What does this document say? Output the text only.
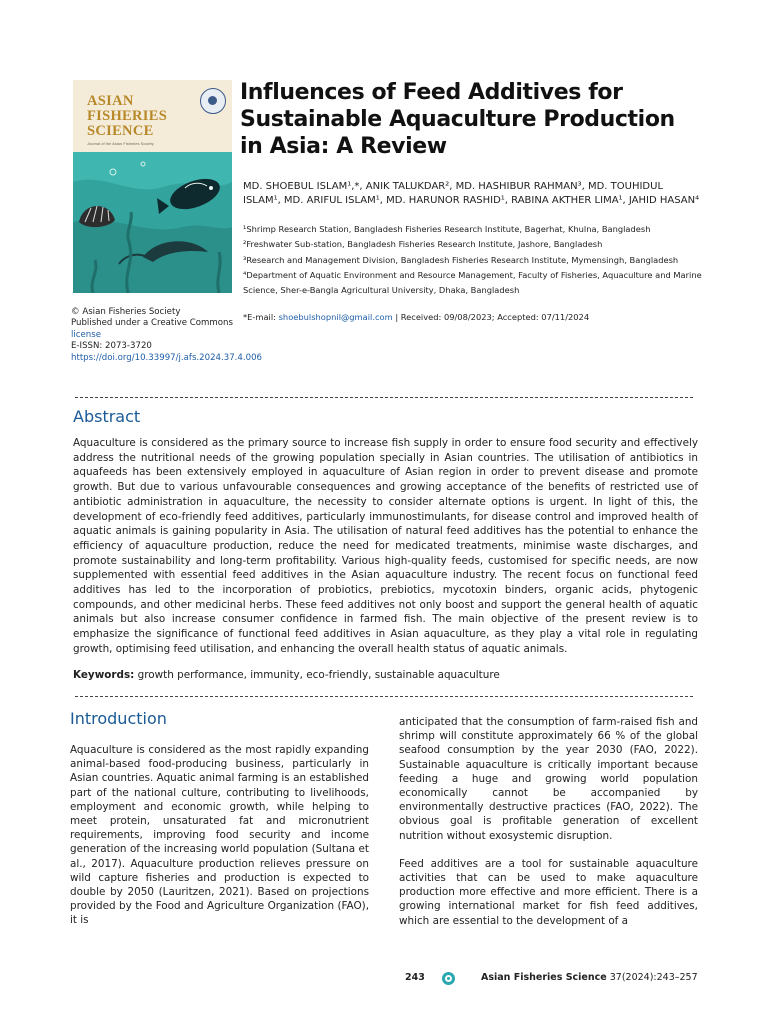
ASIAN
FISHERIES
SCIENCE
Journal of the Asian Fisheries Society
Influences of Feed Additives for Sustainable Aquaculture Production in Asia: A Review
MD. SHOEBUL ISLAM¹,*, ANIK TALUKDAR², MD. HASHIBUR RAHMAN³, MD. TOUHIDUL ISLAM¹, MD. ARIFUL ISLAM¹, MD. HARUNOR RASHID¹, RABINA AKTHER LIMA¹, JAHID HASAN⁴
¹Shrimp Research Station, Bangladesh Fisheries Research Institute, Bagerhat, Khulna, Bangladesh
²Freshwater Sub-station, Bangladesh Fisheries Research Institute, Jashore, Bangladesh
³Research and Management Division, Bangladesh Fisheries Research Institute, Mymensingh, Bangladesh
⁴Department of Aquatic Environment and Resource Management, Faculty of Fisheries, Aquaculture and Marine
Science, Sher-e-Bangla Agricultural University, Dhaka, Bangladesh
*E-mail: shoebulshopnil@gmail.com | Received: 09/08/2023; Accepted: 07/11/2024
© Asian Fisheries Society
Published under a Creative Commons
license
E-ISSN: 2073-3720
https://doi.org/10.33997/j.afs.2024.37.4.006
Abstract
Aquaculture is considered as the primary source to increase fish supply in order to ensure food security and effectively address the nutritional needs of the growing population specially in Asian countries. The utilisation of antibiotics in aquafeeds has been extensively employed in aquaculture of Asian region in order to prevent disease and promote growth. But due to various unfavourable consequences and growing acceptance of the benefits of restricted use of antibiotic administration in aquaculture, the necessity to consider alternate options is urgent. In light of this, the development of eco-friendly feed additives, particularly immunostimulants, for disease control and improved health of aquatic animals is gaining popularity in Asia. The utilisation of natural feed additives has the potential to enhance the efficiency of aquaculture production, reduce the need for medicated treatments, minimise waste discharges, and promote sustainability and long-term profitability. Various high-quality feeds, customised for specific needs, are now supplemented with essential feed additives in the Asian aquaculture industry. The recent focus on functional feed additives has led to the incorporation of probiotics, prebiotics, mycotoxin binders, organic acids, phytogenic compounds, and other medicinal herbs. These feed additives not only boost and support the general health of aquatic animals but also increase consumer confidence in farmed fish. The main objective of the present review is to emphasize the significance of functional feed additives in Asian aquaculture, as they play a vital role in regulating growth, optimising feed utilisation, and enhancing the overall health status of aquatic animals.
Keywords: growth performance, immunity, eco-friendly, sustainable aquaculture
Introduction

Aquaculture is considered as the most rapidly expanding animal-based food-producing business, particularly in Asian countries. Aquatic animal farming is an established part of the national culture, contributing to livelihoods, employment and economic growth, while helping to meet protein, unsaturated fat and micronutrient requirements, improving food security and income generation of the increasing world population (Sultana et al., 2017). Aquaculture production relieves pressure on wild capture fisheries and production is expected to double by 2050 (Lauritzen, 2021). Based on projections provided by the Food and Agriculture Organization (FAO), it is

anticipated that the consumption of farm-raised fish and shrimp will constitute approximately 66 % of the global seafood consumption by the year 2030 (FAO, 2022). Sustainable aquaculture is critically important because feeding a huge and growing world population economically cannot be accompanied by environmentally destructive practices (FAO, 2022). The obvious goal is profitable generation of excellent nutrition without exosystemic disruption.

Feed additives are a tool for sustainable aquaculture activities that can be used to make aquaculture production more effective and more efficient. There is a growing international market for fish feed additives, which are essential to the development of a

243	Asian Fisheries Science 37(2024):243–257
